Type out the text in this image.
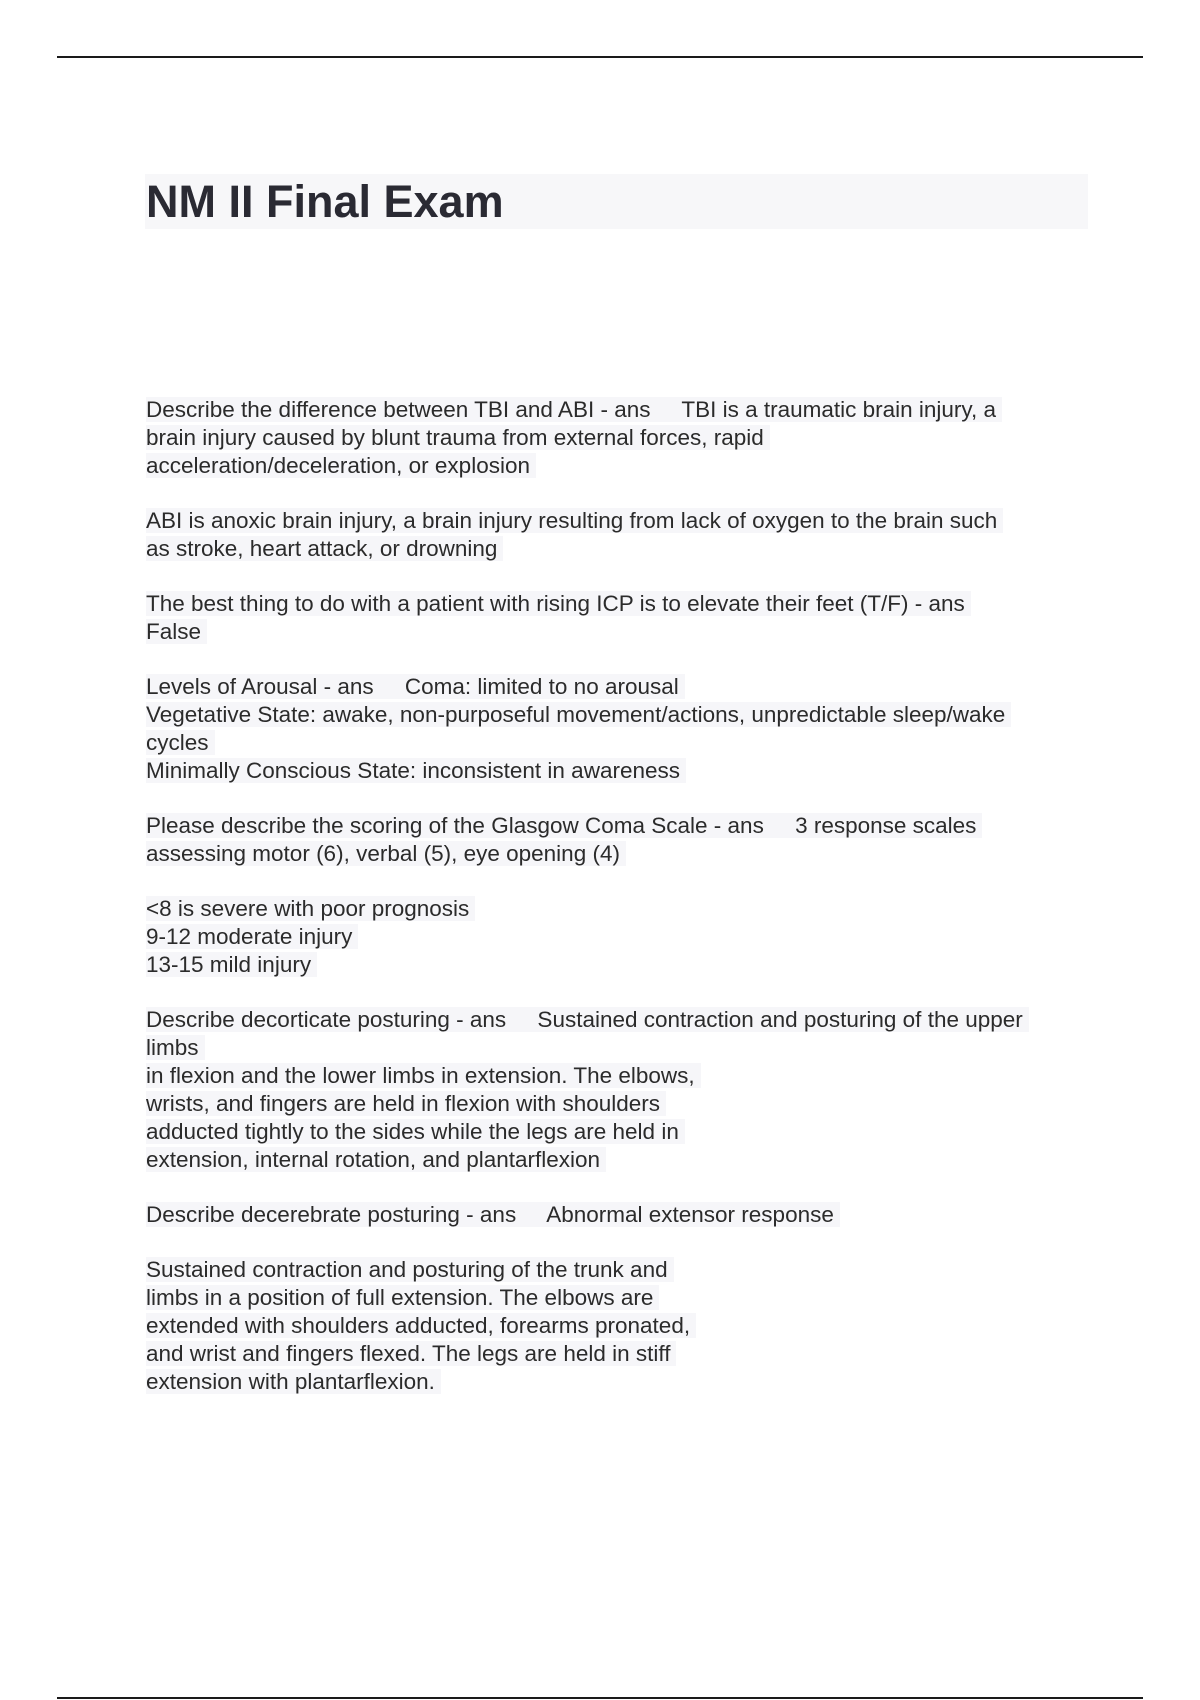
NM II Final Exam
Describe the difference between TBI and ABI - ans     TBI is a traumatic brain injury, a
brain injury caused by blunt trauma from external forces, rapid
acceleration/deceleration, or explosion
ABI is anoxic brain injury, a brain injury resulting from lack of oxygen to the brain such
as stroke, heart attack, or drowning
The best thing to do with a patient with rising ICP is to elevate their feet (T/F) - ans
False
Levels of Arousal - ans     Coma: limited to no arousal
Vegetative State: awake, non-purposeful movement/actions, unpredictable sleep/wake
cycles
Minimally Conscious State: inconsistent in awareness
Please describe the scoring of the Glasgow Coma Scale - ans     3 response scales
assessing motor (6), verbal (5), eye opening (4)
<8 is severe with poor prognosis
9-12 moderate injury
13-15 mild injury
Describe decorticate posturing - ans     Sustained contraction and posturing of the upper
limbs
in flexion and the lower limbs in extension. The elbows,
wrists, and fingers are held in flexion with shoulders
adducted tightly to the sides while the legs are held in
extension, internal rotation, and plantarflexion
Describe decerebrate posturing - ans     Abnormal extensor response
Sustained contraction and posturing of the trunk and
limbs in a position of full extension. The elbows are
extended with shoulders adducted, forearms pronated,
and wrist and fingers flexed. The legs are held in stiff
extension with plantarflexion.
